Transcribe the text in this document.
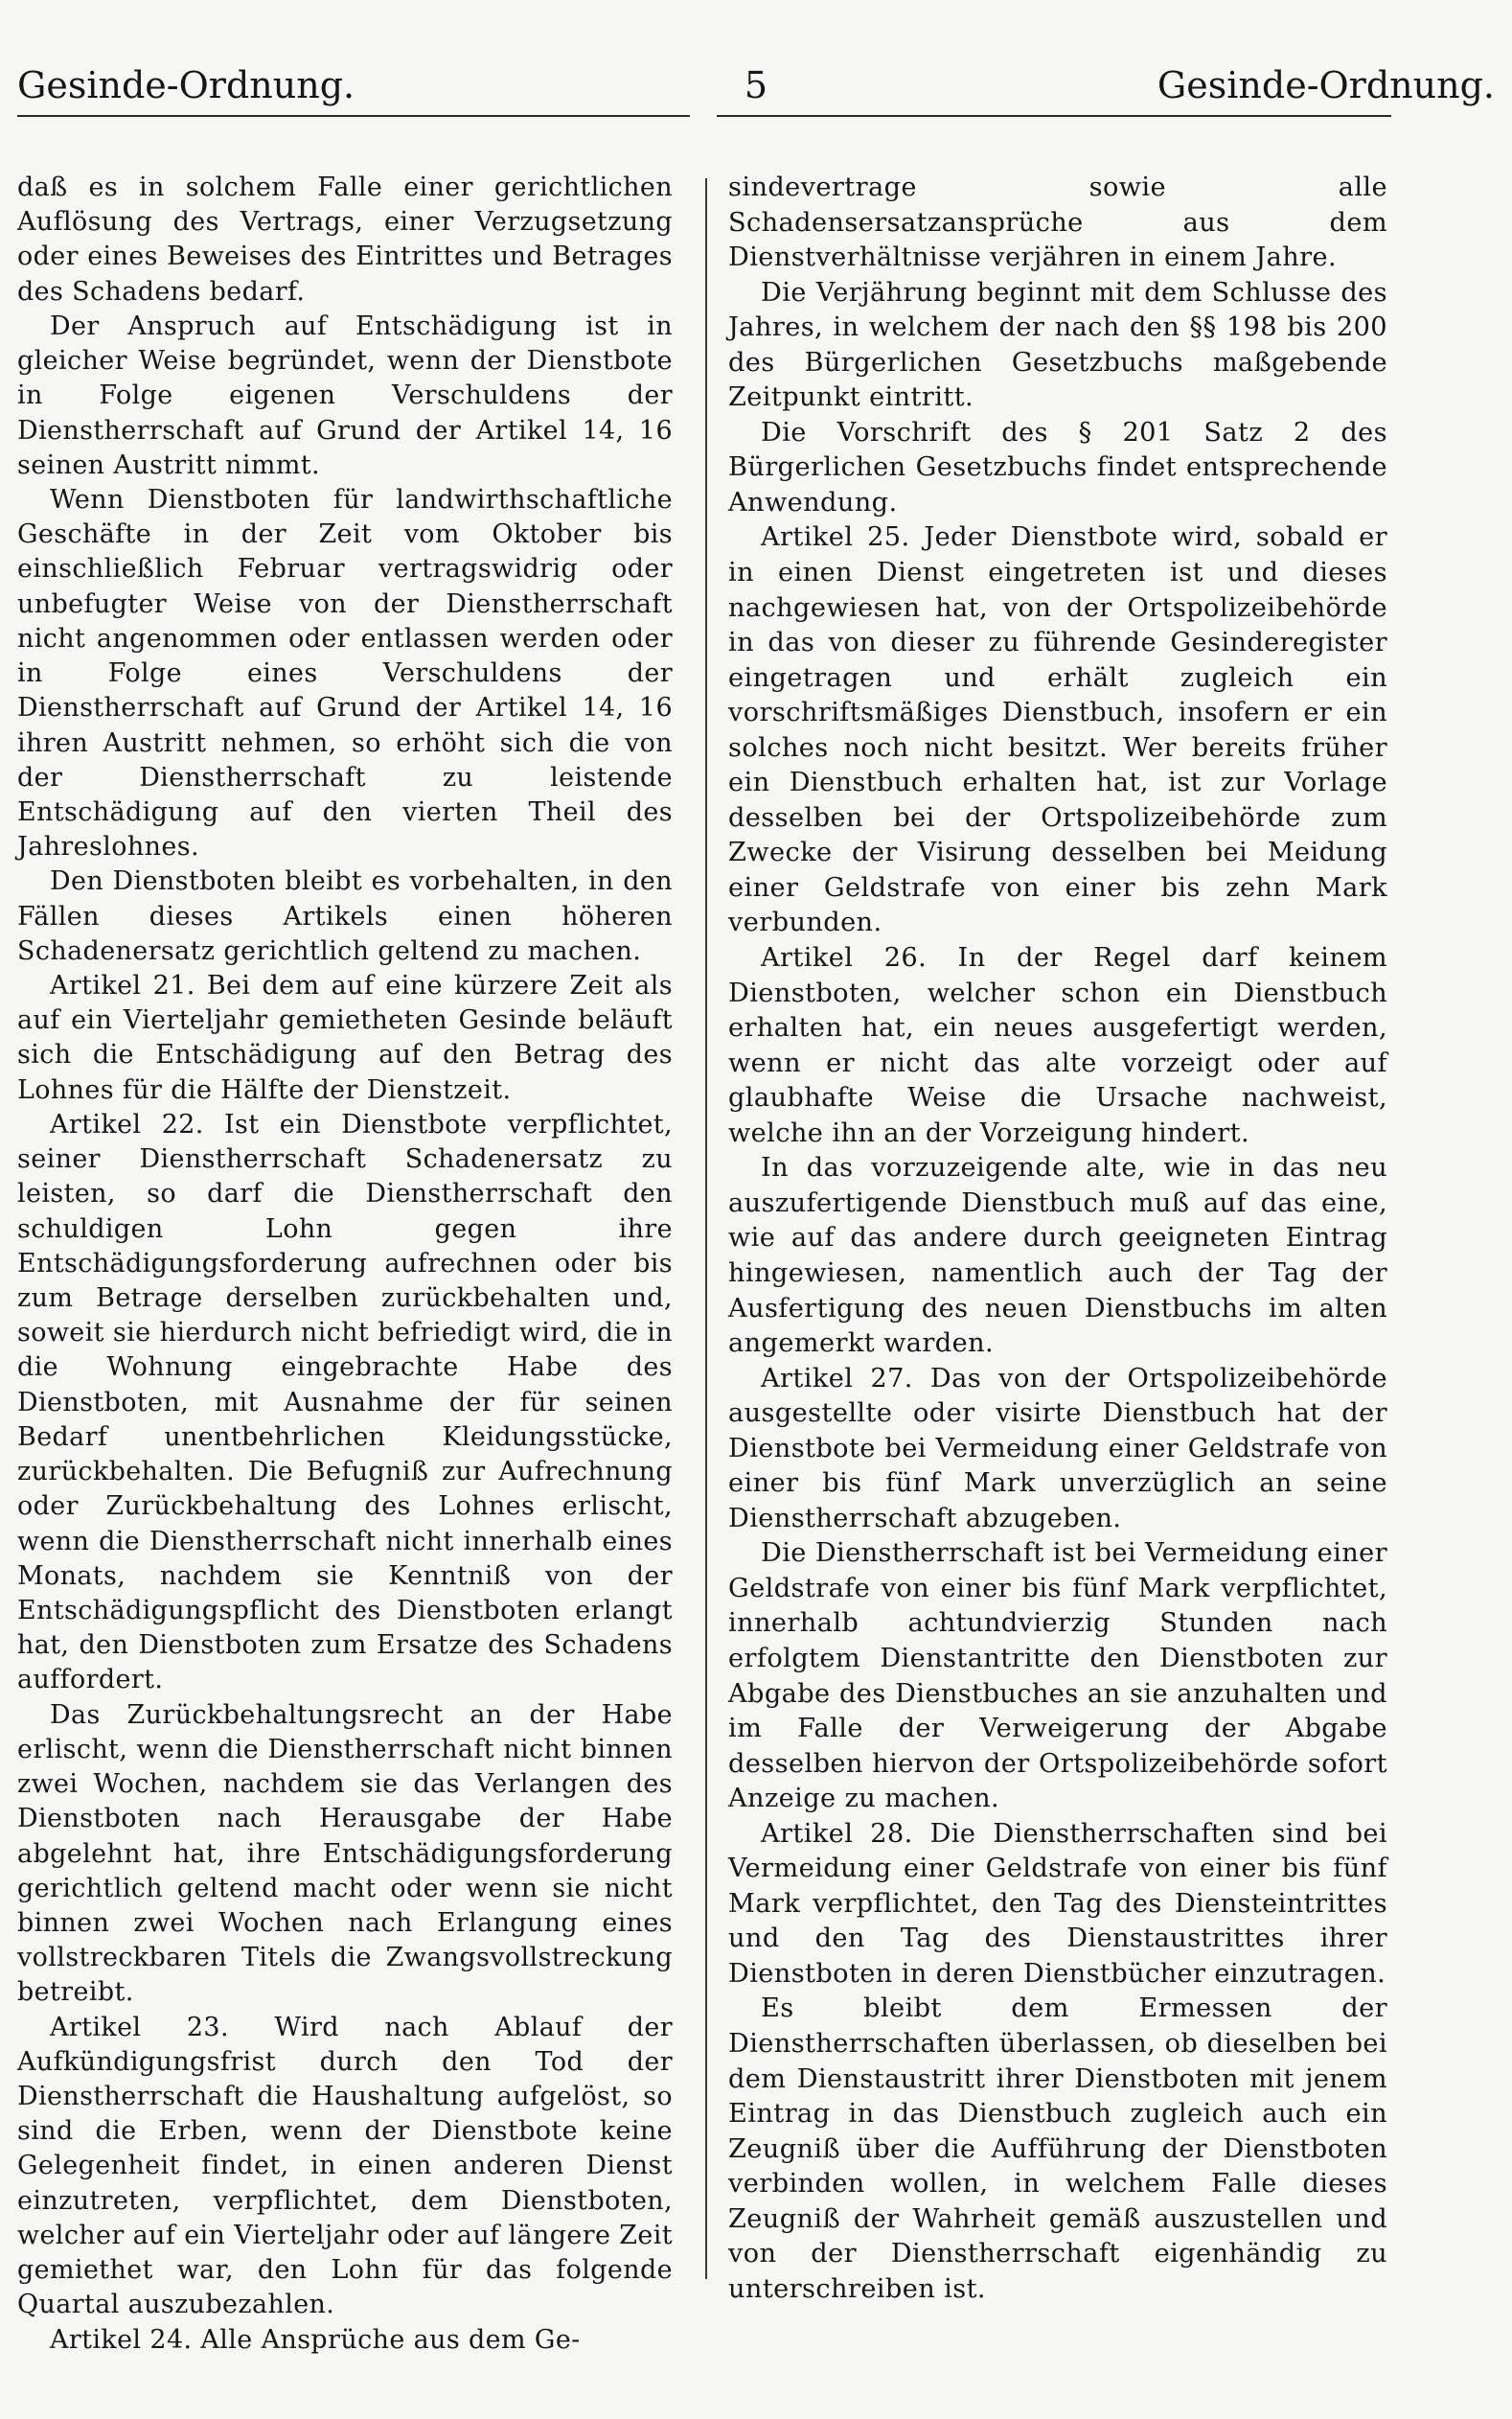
Gesinde-Ordnung.	5	Gesinde-Ordnung.

daß es in solchem Falle einer gerichtlichen Auflösung des Vertrags, einer Verzugsetzung oder eines Beweises des Eintrittes und Betrages des Schadens bedarf.

Der Anspruch auf Entschädigung ist in gleicher Weise begründet, wenn der Dienstbote in Folge eigenen Verschuldens der Dienstherrschaft auf Grund der Artikel 14, 16 seinen Austritt nimmt.

Wenn Dienstboten für landwirthschaftliche Geschäfte in der Zeit vom Oktober bis einschließlich Februar vertragswidrig oder unbefugter Weise von der Dienstherrschaft nicht angenommen oder entlassen werden oder in Folge eines Verschuldens der Dienstherrschaft auf Grund der Artikel 14, 16 ihren Austritt nehmen, so erhöht sich die von der Dienstherrschaft zu leistende Entschädigung auf den vierten Theil des Jahreslohnes.

Den Dienstboten bleibt es vorbehalten, in den Fällen dieses Artikels einen höheren Schadenersatz gerichtlich geltend zu machen.

Artikel 21. Bei dem auf eine kürzere Zeit als auf ein Vierteljahr gemietheten Gesinde beläuft sich die Entschädigung auf den Betrag des Lohnes für die Hälfte der Dienstzeit.

Artikel 22. Ist ein Dienstbote verpflichtet, seiner Dienstherrschaft Schadenersatz zu leisten, so darf die Dienstherrschaft den schuldigen Lohn gegen ihre Entschädigungsforderung aufrechnen oder bis zum Betrage derselben zurückbehalten und, soweit sie hierdurch nicht befriedigt wird, die in die Wohnung eingebrachte Habe des Dienstboten, mit Ausnahme der für seinen Bedarf unentbehrlichen Kleidungsstücke, zurückbehalten. Die Befugniß zur Aufrechnung oder Zurückbehaltung des Lohnes erlischt, wenn die Dienstherrschaft nicht innerhalb eines Monats, nachdem sie Kenntniß von der Entschädigungspflicht des Dienstboten erlangt hat, den Dienstboten zum Ersatze des Schadens auffordert.

Das Zurückbehaltungsrecht an der Habe erlischt, wenn die Dienstherrschaft nicht binnen zwei Wochen, nachdem sie das Verlangen des Dienstboten nach Herausgabe der Habe abgelehnt hat, ihre Entschädigungsforderung gerichtlich geltend macht oder wenn sie nicht binnen zwei Wochen nach Erlangung eines vollstreckbaren Titels die Zwangsvollstreckung betreibt.

Artikel 23. Wird nach Ablauf der Aufkündigungsfrist durch den Tod der Dienstherrschaft die Haushaltung aufgelöst, so sind die Erben, wenn der Dienstbote keine Gelegenheit findet, in einen anderen Dienst einzutreten, verpflichtet, dem Dienstboten, welcher auf ein Vierteljahr oder auf längere Zeit gemiethet war, den Lohn für das folgende Quartal auszubezahlen.

Artikel 24. Alle Ansprüche aus dem Ge-

sindevertrage sowie alle Schadensersatzansprüche aus dem Dienstverhältnisse verjähren in einem Jahre.

Die Verjährung beginnt mit dem Schlusse des Jahres, in welchem der nach den §§ 198 bis 200 des Bürgerlichen Gesetzbuchs maßgebende Zeitpunkt eintritt.

Die Vorschrift des § 201 Satz 2 des Bürgerlichen Gesetzbuchs findet entsprechende Anwendung.

Artikel 25. Jeder Dienstbote wird, sobald er in einen Dienst eingetreten ist und dieses nachgewiesen hat, von der Ortspolizeibehörde in das von dieser zu führende Gesinderegister eingetragen und erhält zugleich ein vorschriftsmäßiges Dienstbuch, insofern er ein solches noch nicht besitzt. Wer bereits früher ein Dienstbuch erhalten hat, ist zur Vorlage desselben bei der Ortspolizeibehörde zum Zwecke der Visirung desselben bei Meidung einer Geldstrafe von einer bis zehn Mark verbunden.

Artikel 26. In der Regel darf keinem Dienstboten, welcher schon ein Dienstbuch erhalten hat, ein neues ausgefertigt werden, wenn er nicht das alte vorzeigt oder auf glaubhafte Weise die Ursache nachweist, welche ihn an der Vorzeigung hindert.

In das vorzuzeigende alte, wie in das neu auszufertigende Dienstbuch muß auf das eine, wie auf das andere durch geeigneten Eintrag hingewiesen, namentlich auch der Tag der Ausfertigung des neuen Dienstbuchs im alten angemerkt warden.

Artikel 27. Das von der Ortspolizeibehörde ausgestellte oder visirte Dienstbuch hat der Dienstbote bei Vermeidung einer Geldstrafe von einer bis fünf Mark unverzüglich an seine Dienstherrschaft abzugeben.

Die Dienstherrschaft ist bei Vermeidung einer Geldstrafe von einer bis fünf Mark verpflichtet, innerhalb achtundvierzig Stunden nach erfolgtem Dienstantritte den Dienstboten zur Abgabe des Dienstbuches an sie anzuhalten und im Falle der Verweigerung der Abgabe desselben hiervon der Ortspolizeibehörde sofort Anzeige zu machen.

Artikel 28. Die Dienstherrschaften sind bei Vermeidung einer Geldstrafe von einer bis fünf Mark verpflichtet, den Tag des Diensteintrittes und den Tag des Dienstaustrittes ihrer Dienstboten in deren Dienstbücher einzutragen.

Es bleibt dem Ermessen der Dienstherrschaften überlassen, ob dieselben bei dem Dienstaustritt ihrer Dienstboten mit jenem Eintrag in das Dienstbuch zugleich auch ein Zeugniß über die Aufführung der Dienstboten verbinden wollen, in welchem Falle dieses Zeugniß der Wahrheit gemäß auszustellen und von der Dienstherrschaft eigenhändig zu unterschreiben ist.
